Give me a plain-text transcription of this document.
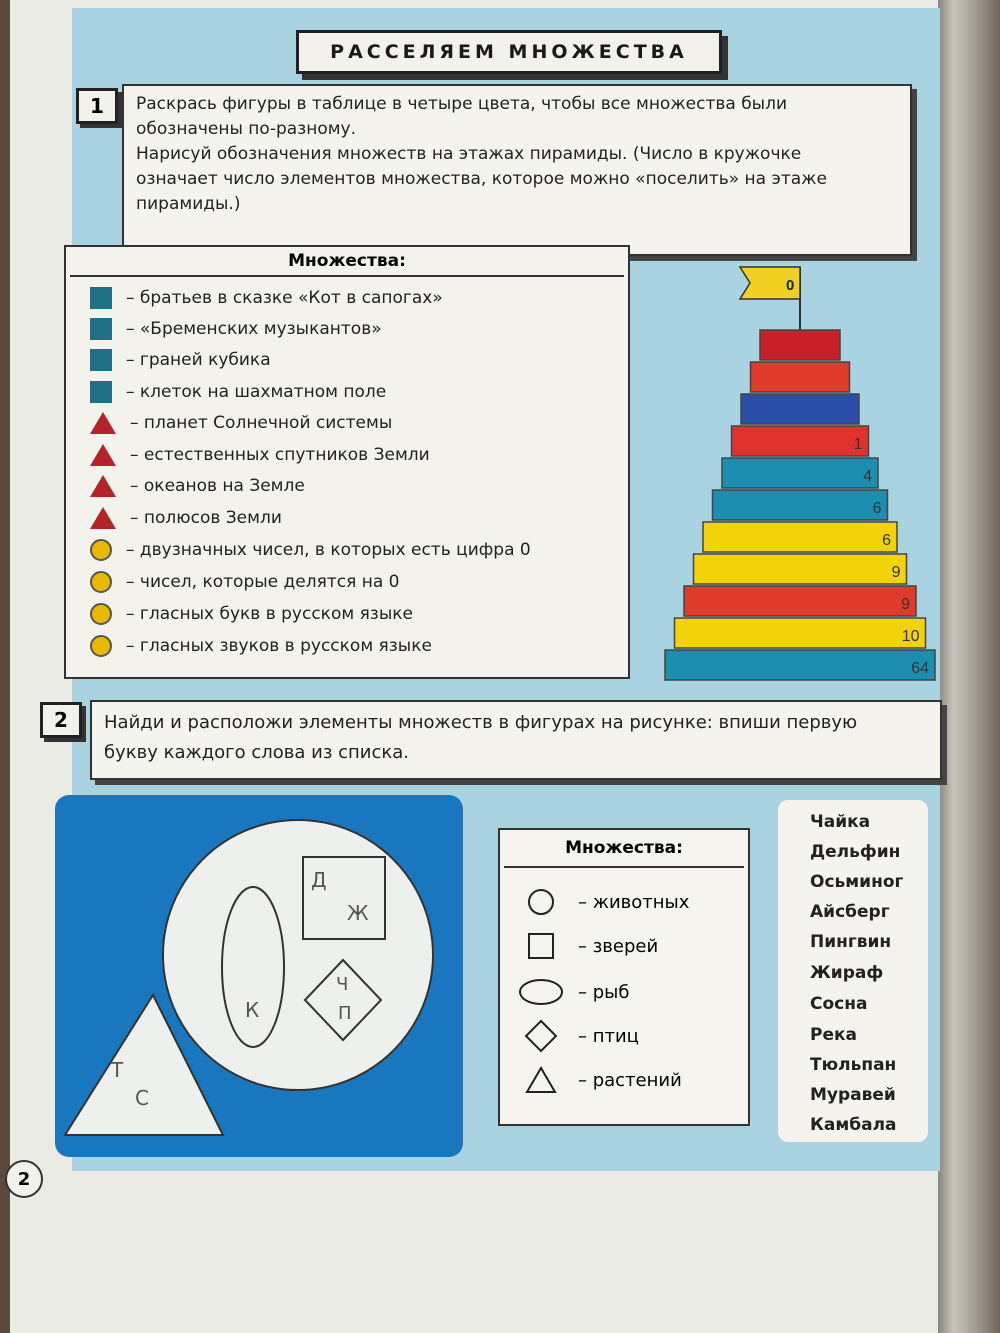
РАССЕЛЯЕМ МНОЖЕСТВА
1	Раскрась фигуры в таблице в четыре цвета, чтобы все множества были
обозначены по-разному.
Нарисуй обозначения множеств на этажах пирамиды. (Число в кружочке
означает число элементов множества, которое можно «поселить» на этаже
пирамиды.)
Множества:
– братьев в сказке «Кот в сапогах»
– «Бременских музыкантов»
– граней кубика
– клеток на шахматном поле
– планет Солнечной системы
– естественных спутников Земли
– океанов на Земле
– полюсов Земли
– двузначных чисел, в которых есть цифра 0
– чисел, которые делятся на 0
– гласных букв в русском языке
– гласных звуков в русском языке
0
1
4
6
6
9
9
10
64
2	Найди и расположи элементы множеств в фигурах на рисунке: впиши первую
букву каждого слова из списка.
Д
Ж
К
Ч
П
Т
С
Множества:
– животных
– зверей
– рыб
– птиц
– растений
Чайка
Дельфин
Осьминог
Айсберг
Пингвин
Жираф
Сосна
Река
Тюльпан
Муравей
Камбала
2
